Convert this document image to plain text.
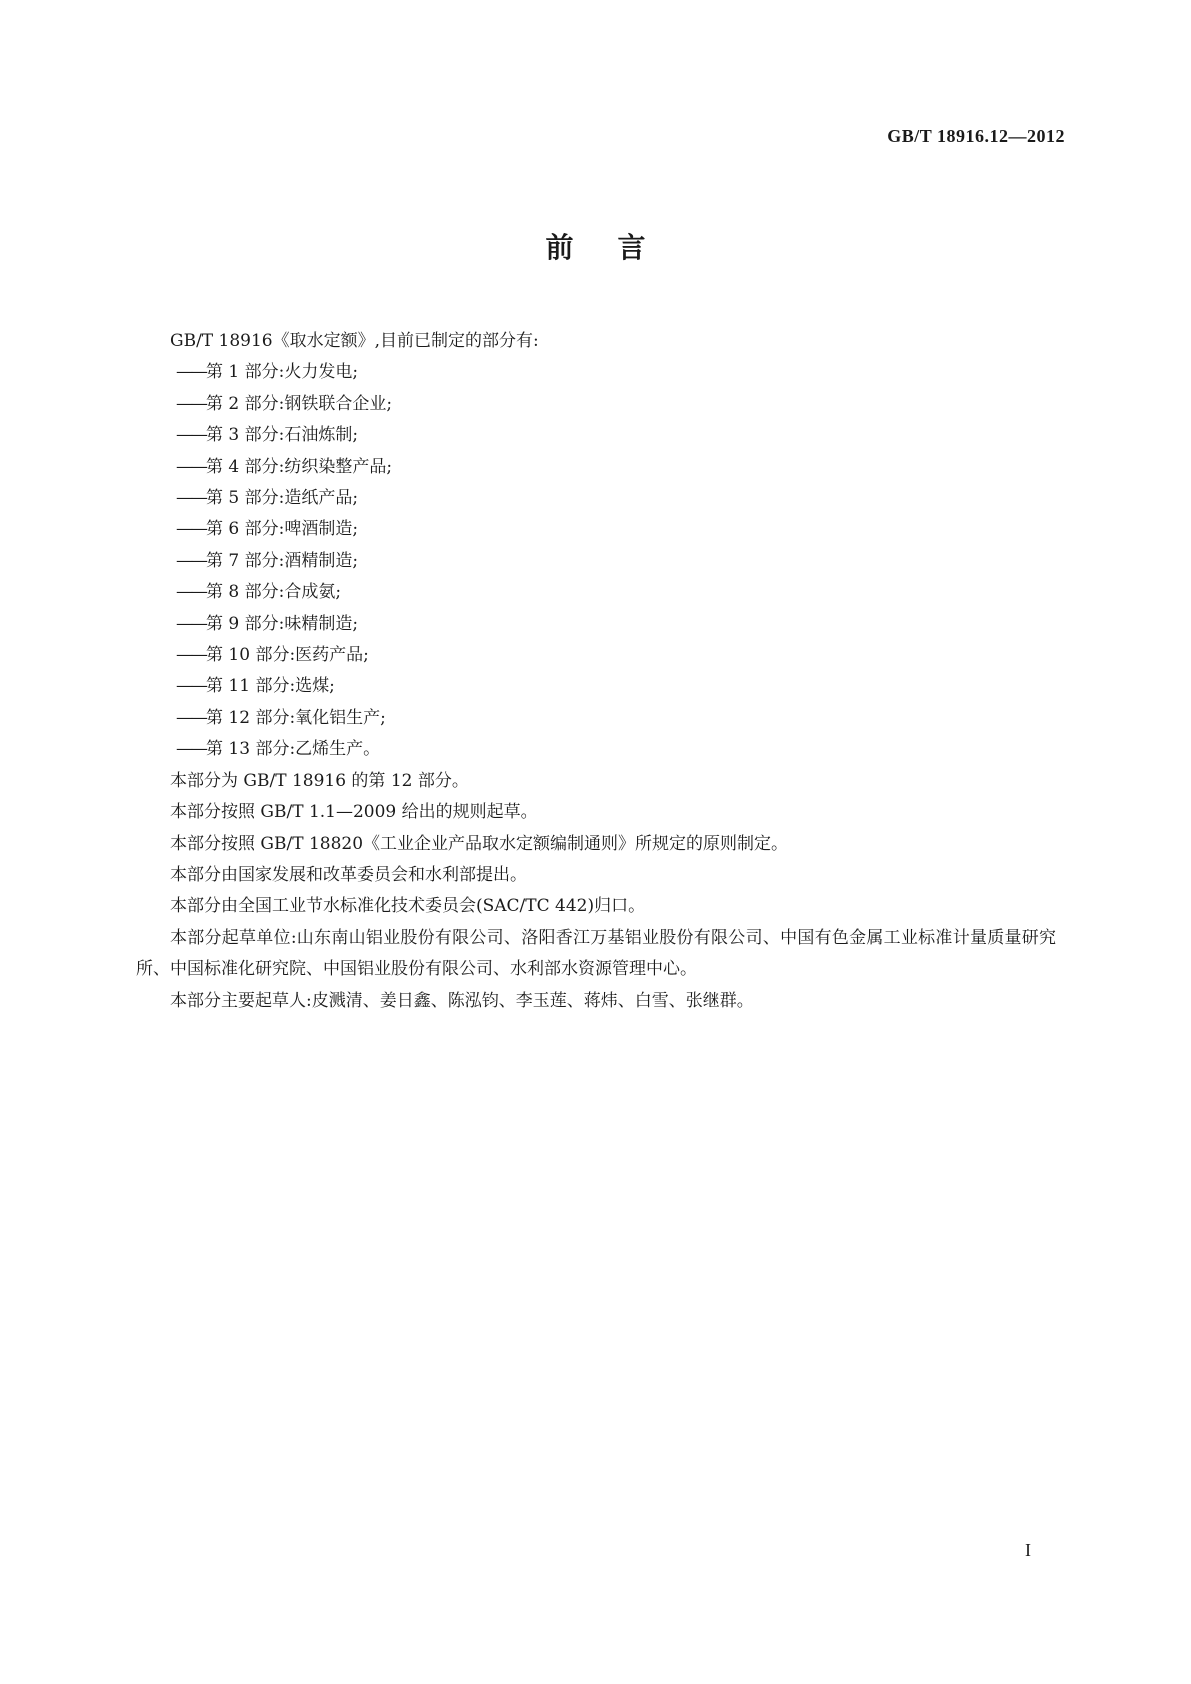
GB/T 18916.12—2012
前言

GB/T 18916《取水定额》,目前已制定的部分有:

——第 1 部分:火力发电;
——第 2 部分:钢铁联合企业;
——第 3 部分:石油炼制;
——第 4 部分:纺织染整产品;
——第 5 部分:造纸产品;
——第 6 部分:啤酒制造;
——第 7 部分:酒精制造;
——第 8 部分:合成氨;
——第 9 部分:味精制造;
——第 10 部分:医药产品;
——第 11 部分:选煤;
——第 12 部分:氧化铝生产;
——第 13 部分:乙烯生产。

本部分为 GB/T 18916 的第 12 部分。

本部分按照 GB/T 1.1—2009 给出的规则起草。

本部分按照 GB/T 18820《工业企业产品取水定额编制通则》所规定的原则制定。

本部分由国家发展和改革委员会和水利部提出。

本部分由全国工业节水标准化技术委员会(SAC/TC 442)归口。

本部分起草单位:山东南山铝业股份有限公司、洛阳香江万基铝业股份有限公司、中国有色金属工业标准计量质量研究所、中国标准化研究院、中国铝业股份有限公司、水利部水资源管理中心。

本部分主要起草人:皮溅清、姜日鑫、陈泓钧、李玉莲、蒋炜、白雪、张继群。

I
